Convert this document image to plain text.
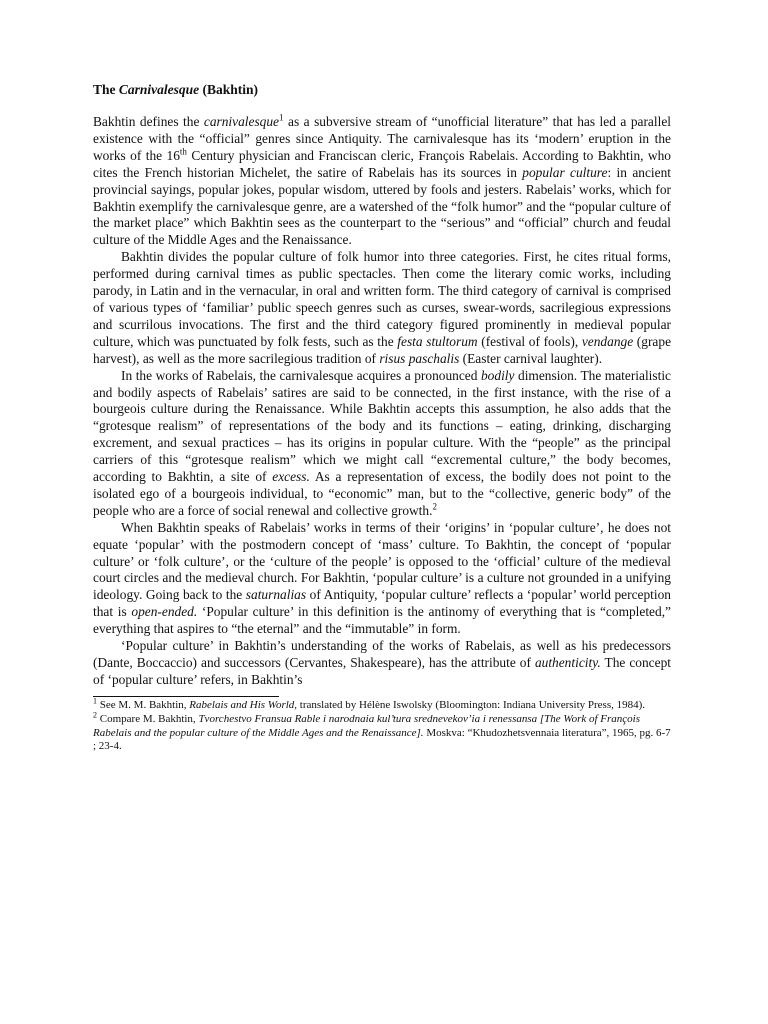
The Carnivalesque (Bakhtin)

Bakhtin defines the carnivalesque$^1$ as a subversive stream of “unofficial literature” that has led a parallel existence with the “official” genres since Antiquity. The carnivalesque has its ‘modern’ eruption in the works of the 16th Century physician and Franciscan cleric, François Rabelais. According to Bakhtin, who cites the French historian Michelet, the satire of Rabelais has its sources in popular culture: in ancient provincial sayings, popular jokes, popular wisdom, uttered by fools and jesters. Rabelais’ works, which for Bakhtin exemplify the carnivalesque genre, are a watershed of the “folk humor” and the “popular culture of the market place” which Bakhtin sees as the counterpart to the “serious” and “official” church and feudal culture of the Middle Ages and the Renaissance.

Bakhtin divides the popular culture of folk humor into three categories. First, he cites ritual forms, performed during carnival times as public spectacles. Then come the literary comic works, including parody, in Latin and in the vernacular, in oral and written form. The third category of carnival is comprised of various types of ‘familiar’ public speech genres such as curses, swear-words, sacrilegious expressions and scurrilous invocations. The first and the third category figured prominently in medieval popular culture, which was punctuated by folk fests, such as the festa stultorum (festival of fools), vendange (grape harvest), as well as the more sacrilegious tradition of risus paschalis (Easter carnival laughter).

In the works of Rabelais, the carnivalesque acquires a pronounced bodily dimension. The materialistic and bodily aspects of Rabelais’ satires are said to be connected, in the first instance, with the rise of a bourgeois culture during the Renaissance. While Bakhtin accepts this assumption, he also adds that the “grotesque realism” of representations of the body and its functions – eating, drinking, discharging excrement, and sexual practices – has its origins in popular culture. With the “people” as the principal carriers of this “grotesque realism” which we might call “excremental culture,” the body becomes, according to Bakhtin, a site of excess. As a representation of excess, the bodily does not point to the isolated ego of a bourgeois individual, to “economic” man, but to the “collective, generic body” of the people who are a force of social renewal and collective growth.$^2$

When Bakhtin speaks of Rabelais’ works in terms of their ‘origins’ in ‘popular culture’, he does not equate ‘popular’ with the postmodern concept of ‘mass’ culture. To Bakhtin, the concept of ‘popular culture’ or ‘folk culture’, or the ‘culture of the people’ is opposed to the ‘official’ culture of the medieval court circles and the medieval church. For Bakhtin, ‘popular culture’ is a culture not grounded in a unifying ideology. Going back to the saturnalias of Antiquity, ‘popular culture’ reflects a ‘popular’ world perception that is open-ended. ‘Popular culture’ in this definition is the antinomy of everything that is “completed,” everything that aspires to “the eternal” and the “immutable” in form.

‘Popular culture’ in Bakhtin’s understanding of the works of Rabelais, as well as his predecessors (Dante, Boccaccio) and successors (Cervantes, Shakespeare), has the attribute of authenticity. The concept of ‘popular culture’ refers, in Bakhtin’s

$^1$ See M. M. Bakhtin, Rabelais and His World, translated by Hélène Iswolsky (Bloomington: Indiana University Press, 1984).

$^2$ Compare M. Bakhtin, Tvorchestvo Fransua Rable i narodnaia kul’tura srednevekov’ia i renessansa [The Work of François Rabelais and the popular culture of the Middle Ages and the Renaissance]. Moskva: “Khudozhetsvennaia literatura”, 1965, pg. 6-7 ; 23-4.
